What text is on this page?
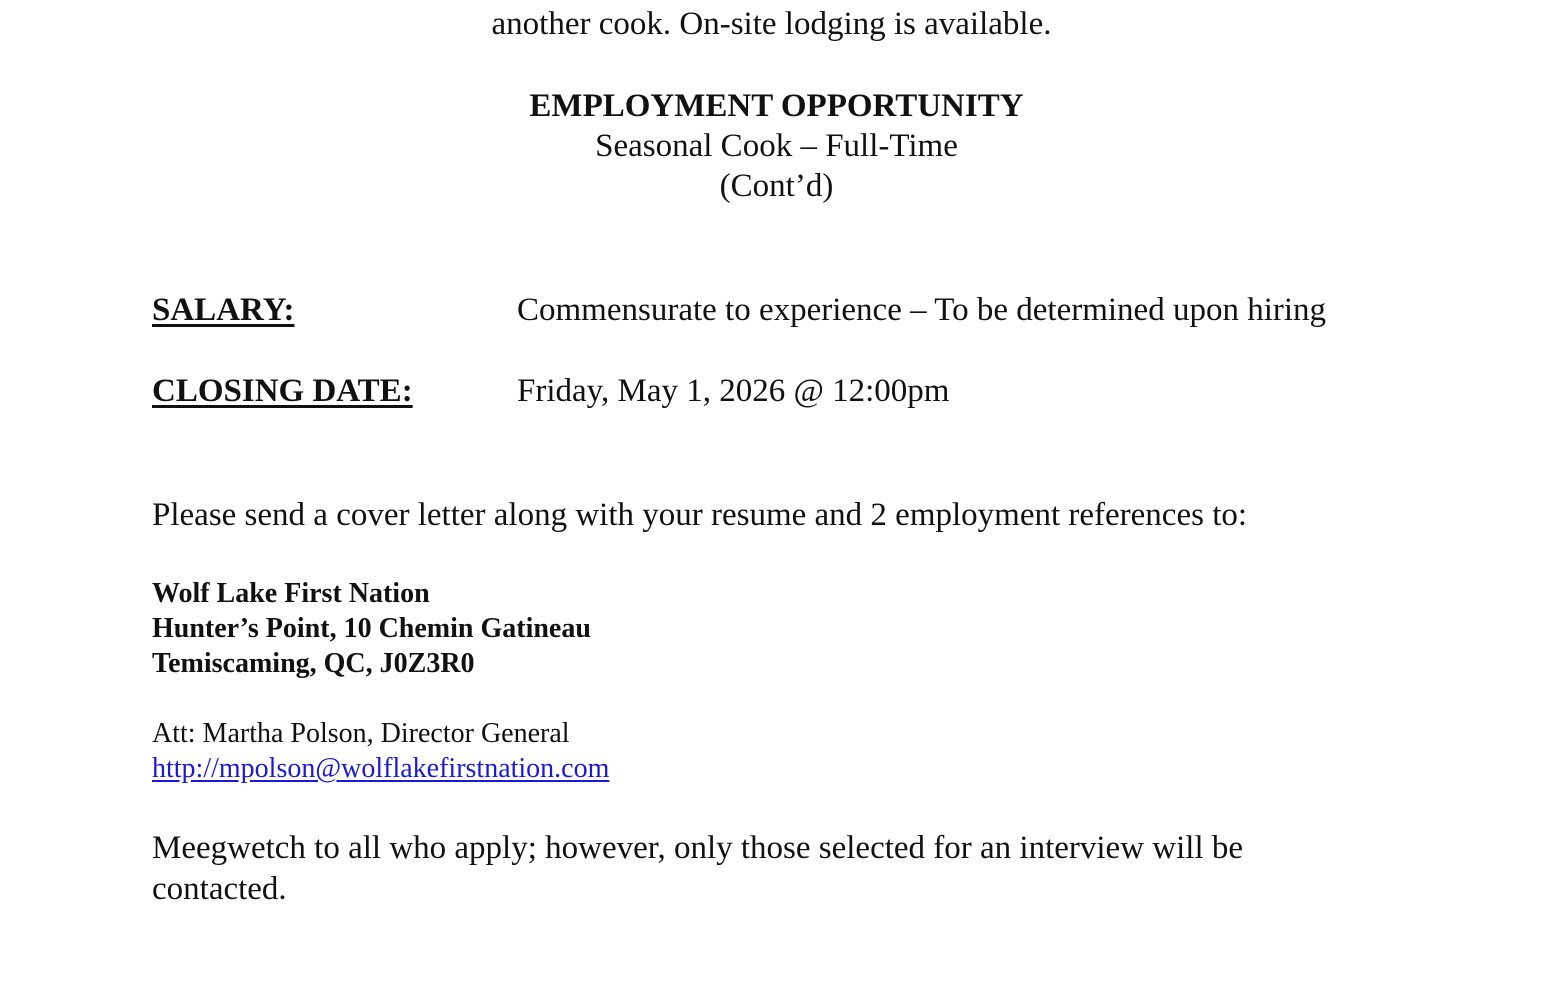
another cook. On-site lodging is available.
EMPLOYMENT OPPORTUNITY
Seasonal Cook – Full-Time
(Cont’d)
SALARY:	Commensurate to experience – To be determined upon hiring
CLOSING DATE:	Friday, May 1, 2026 @ 12:00pm
Please send a cover letter along with your resume and 2 employment references to:
Wolf Lake First Nation
Hunter’s Point, 10 Chemin Gatineau
Temiscaming, QC, J0Z3R0
Att: Martha Polson, Director General
http://mpolson@wolflakefirstnation.com
Meegwetch to all who apply; however, only those selected for an interview will be contacted.
